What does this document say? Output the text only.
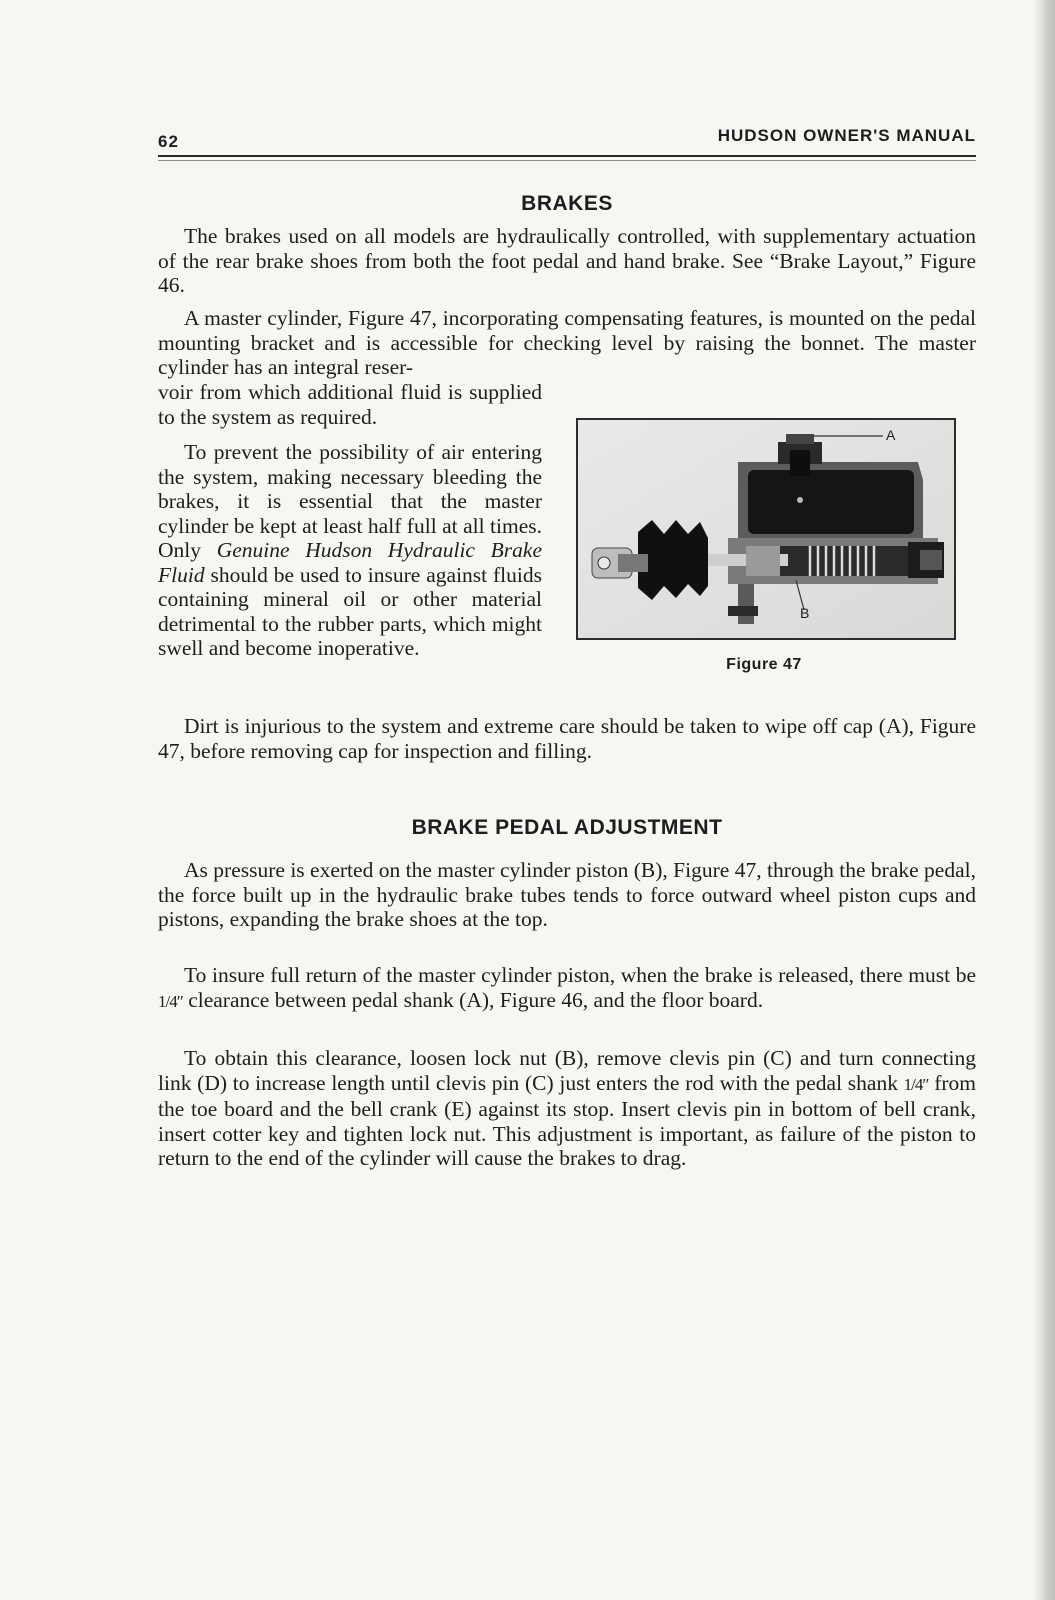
62	HUDSON OWNER'S MANUAL
BRAKES

The brakes used on all models are hydraulically controlled, with supplementary actuation of the rear brake shoes from both the foot pedal and hand brake. See “Brake Layout,” Figure 46.

A master cylinder, Figure 47, incorporating compensating features, is mounted on the pedal mounting bracket and is accessible for checking level by raising the bonnet. The master cylinder has an integral reser-

voir from which additional fluid is supplied to the system as required.

To prevent the possibility of air entering the system, making necessary bleeding the brakes, it is essential that the master cylinder be kept at least half full at all times. Only Genuine Hudson Hydraulic Brake Fluid should be used to insure against fluids containing mineral oil or other material detrimental to the rubber parts, which might swell and become inoperative.

A
B
Figure 47

Dirt is injurious to the system and extreme care should be taken to wipe off cap (A), Figure 47, before removing cap for inspection and filling.

BRAKE PEDAL ADJUSTMENT

As pressure is exerted on the master cylinder piston (B), Figure 47, through the brake pedal, the force built up in the hydraulic brake tubes tends to force outward wheel piston cups and pistons, expanding the brake shoes at the top.

To insure full return of the master cylinder piston, when the brake is released, there must be 1/4″ clearance between pedal shank (A), Figure 46, and the floor board.

To obtain this clearance, loosen lock nut (B), remove clevis pin (C) and turn connecting link (D) to increase length until clevis pin (C) just enters the rod with the pedal shank 1/4″ from the toe board and the bell crank (E) against its stop. Insert clevis pin in bottom of bell crank, insert cotter key and tighten lock nut. This adjustment is important, as failure of the piston to return to the end of the cylinder will cause the brakes to drag.
